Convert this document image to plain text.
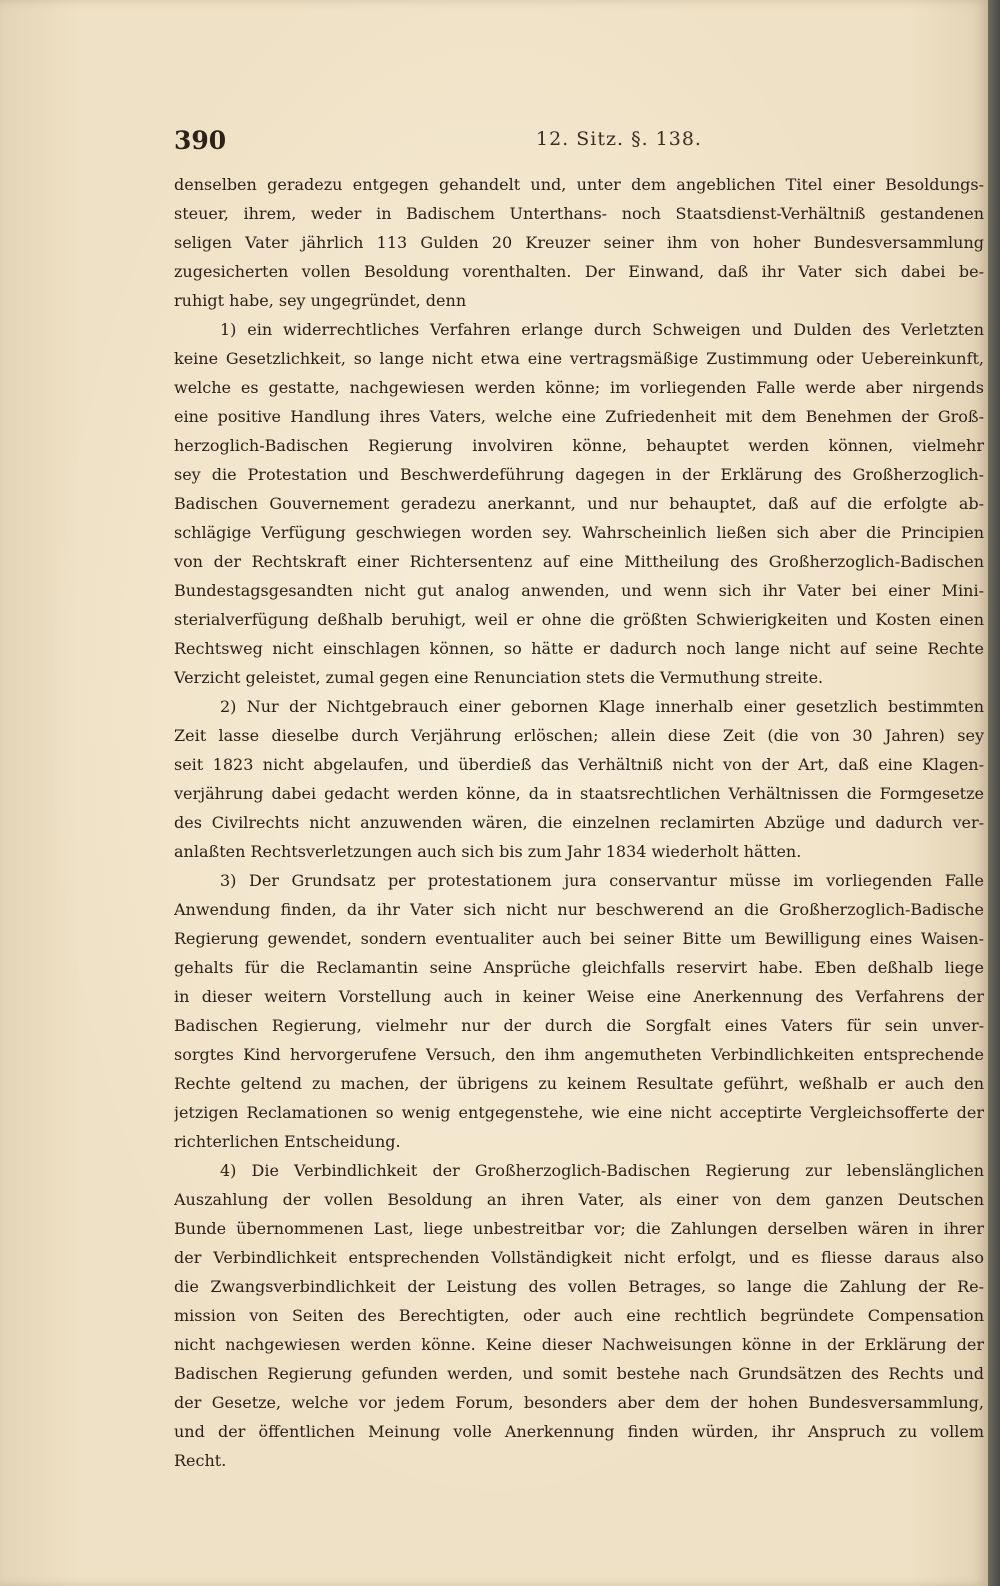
390	12. Sitz. §. 138.
denselben geradezu entgegen gehandelt und, unter dem angeblichen Titel einer Besoldungs-
steuer, ihrem, weder in Badischem Unterthans- noch Staatsdienst-Verhältniß gestandenen
seligen Vater jährlich 113 Gulden 20 Kreuzer seiner ihm von hoher Bundesversammlung
zugesicherten vollen Besoldung vorenthalten. Der Einwand, daß ihr Vater sich dabei be-
ruhigt habe, sey ungegründet, denn
1) ein widerrechtliches Verfahren erlange durch Schweigen und Dulden des Verletzten
keine Gesetzlichkeit, so lange nicht etwa eine vertragsmäßige Zustimmung oder Uebereinkunft,
welche es gestatte, nachgewiesen werden könne; im vorliegenden Falle werde aber nirgends
eine positive Handlung ihres Vaters, welche eine Zufriedenheit mit dem Benehmen der Groß-
herzoglich-Badischen Regierung involviren könne, behauptet werden können, vielmehr
sey die Protestation und Beschwerdeführung dagegen in der Erklärung des Großherzoglich-
Badischen Gouvernement geradezu anerkannt, und nur behauptet, daß auf die erfolgte ab-
schlägige Verfügung geschwiegen worden sey. Wahrscheinlich ließen sich aber die Principien
von der Rechtskraft einer Richtersentenz auf eine Mittheilung des Großherzoglich-Badischen
Bundestagsgesandten nicht gut analog anwenden, und wenn sich ihr Vater bei einer Mini-
sterialverfügung deßhalb beruhigt, weil er ohne die größten Schwierigkeiten und Kosten einen
Rechtsweg nicht einschlagen können, so hätte er dadurch noch lange nicht auf seine Rechte
Verzicht geleistet, zumal gegen eine Renunciation stets die Vermuthung streite.
2) Nur der Nichtgebrauch einer gebornen Klage innerhalb einer gesetzlich bestimmten
Zeit lasse dieselbe durch Verjährung erlöschen; allein diese Zeit (die von 30 Jahren) sey
seit 1823 nicht abgelaufen, und überdieß das Verhältniß nicht von der Art, daß eine Klagen-
verjährung dabei gedacht werden könne, da in staatsrechtlichen Verhältnissen die Formgesetze
des Civilrechts nicht anzuwenden wären, die einzelnen reclamirten Abzüge und dadurch ver-
anlaßten Rechtsverletzungen auch sich bis zum Jahr 1834 wiederholt hätten.
3) Der Grundsatz per protestationem jura conservantur müsse im vorliegenden Falle
Anwendung finden, da ihr Vater sich nicht nur beschwerend an die Großherzoglich-Badische
Regierung gewendet, sondern eventualiter auch bei seiner Bitte um Bewilligung eines Waisen-
gehalts für die Reclamantin seine Ansprüche gleichfalls reservirt habe. Eben deßhalb liege
in dieser weitern Vorstellung auch in keiner Weise eine Anerkennung des Verfahrens der
Badischen Regierung, vielmehr nur der durch die Sorgfalt eines Vaters für sein unver-
sorgtes Kind hervorgerufene Versuch, den ihm angemutheten Verbindlichkeiten entsprechende
Rechte geltend zu machen, der übrigens zu keinem Resultate geführt, weßhalb er auch den
jetzigen Reclamationen so wenig entgegenstehe, wie eine nicht acceptirte Vergleichsofferte der
richterlichen Entscheidung.
4) Die Verbindlichkeit der Großherzoglich-Badischen Regierung zur lebenslänglichen
Auszahlung der vollen Besoldung an ihren Vater, als einer von dem ganzen Deutschen
Bunde übernommenen Last, liege unbestreitbar vor; die Zahlungen derselben wären in ihrer
der Verbindlichkeit entsprechenden Vollständigkeit nicht erfolgt, und es fliesse daraus also
die Zwangsverbindlichkeit der Leistung des vollen Betrages, so lange die Zahlung der Re-
mission von Seiten des Berechtigten, oder auch eine rechtlich begründete Compensation
nicht nachgewiesen werden könne. Keine dieser Nachweisungen könne in der Erklärung der
Badischen Regierung gefunden werden, und somit bestehe nach Grundsätzen des Rechts und
der Gesetze, welche vor jedem Forum, besonders aber dem der hohen Bundesversammlung,
und der öffentlichen Meinung volle Anerkennung finden würden, ihr Anspruch zu vollem
Recht.
